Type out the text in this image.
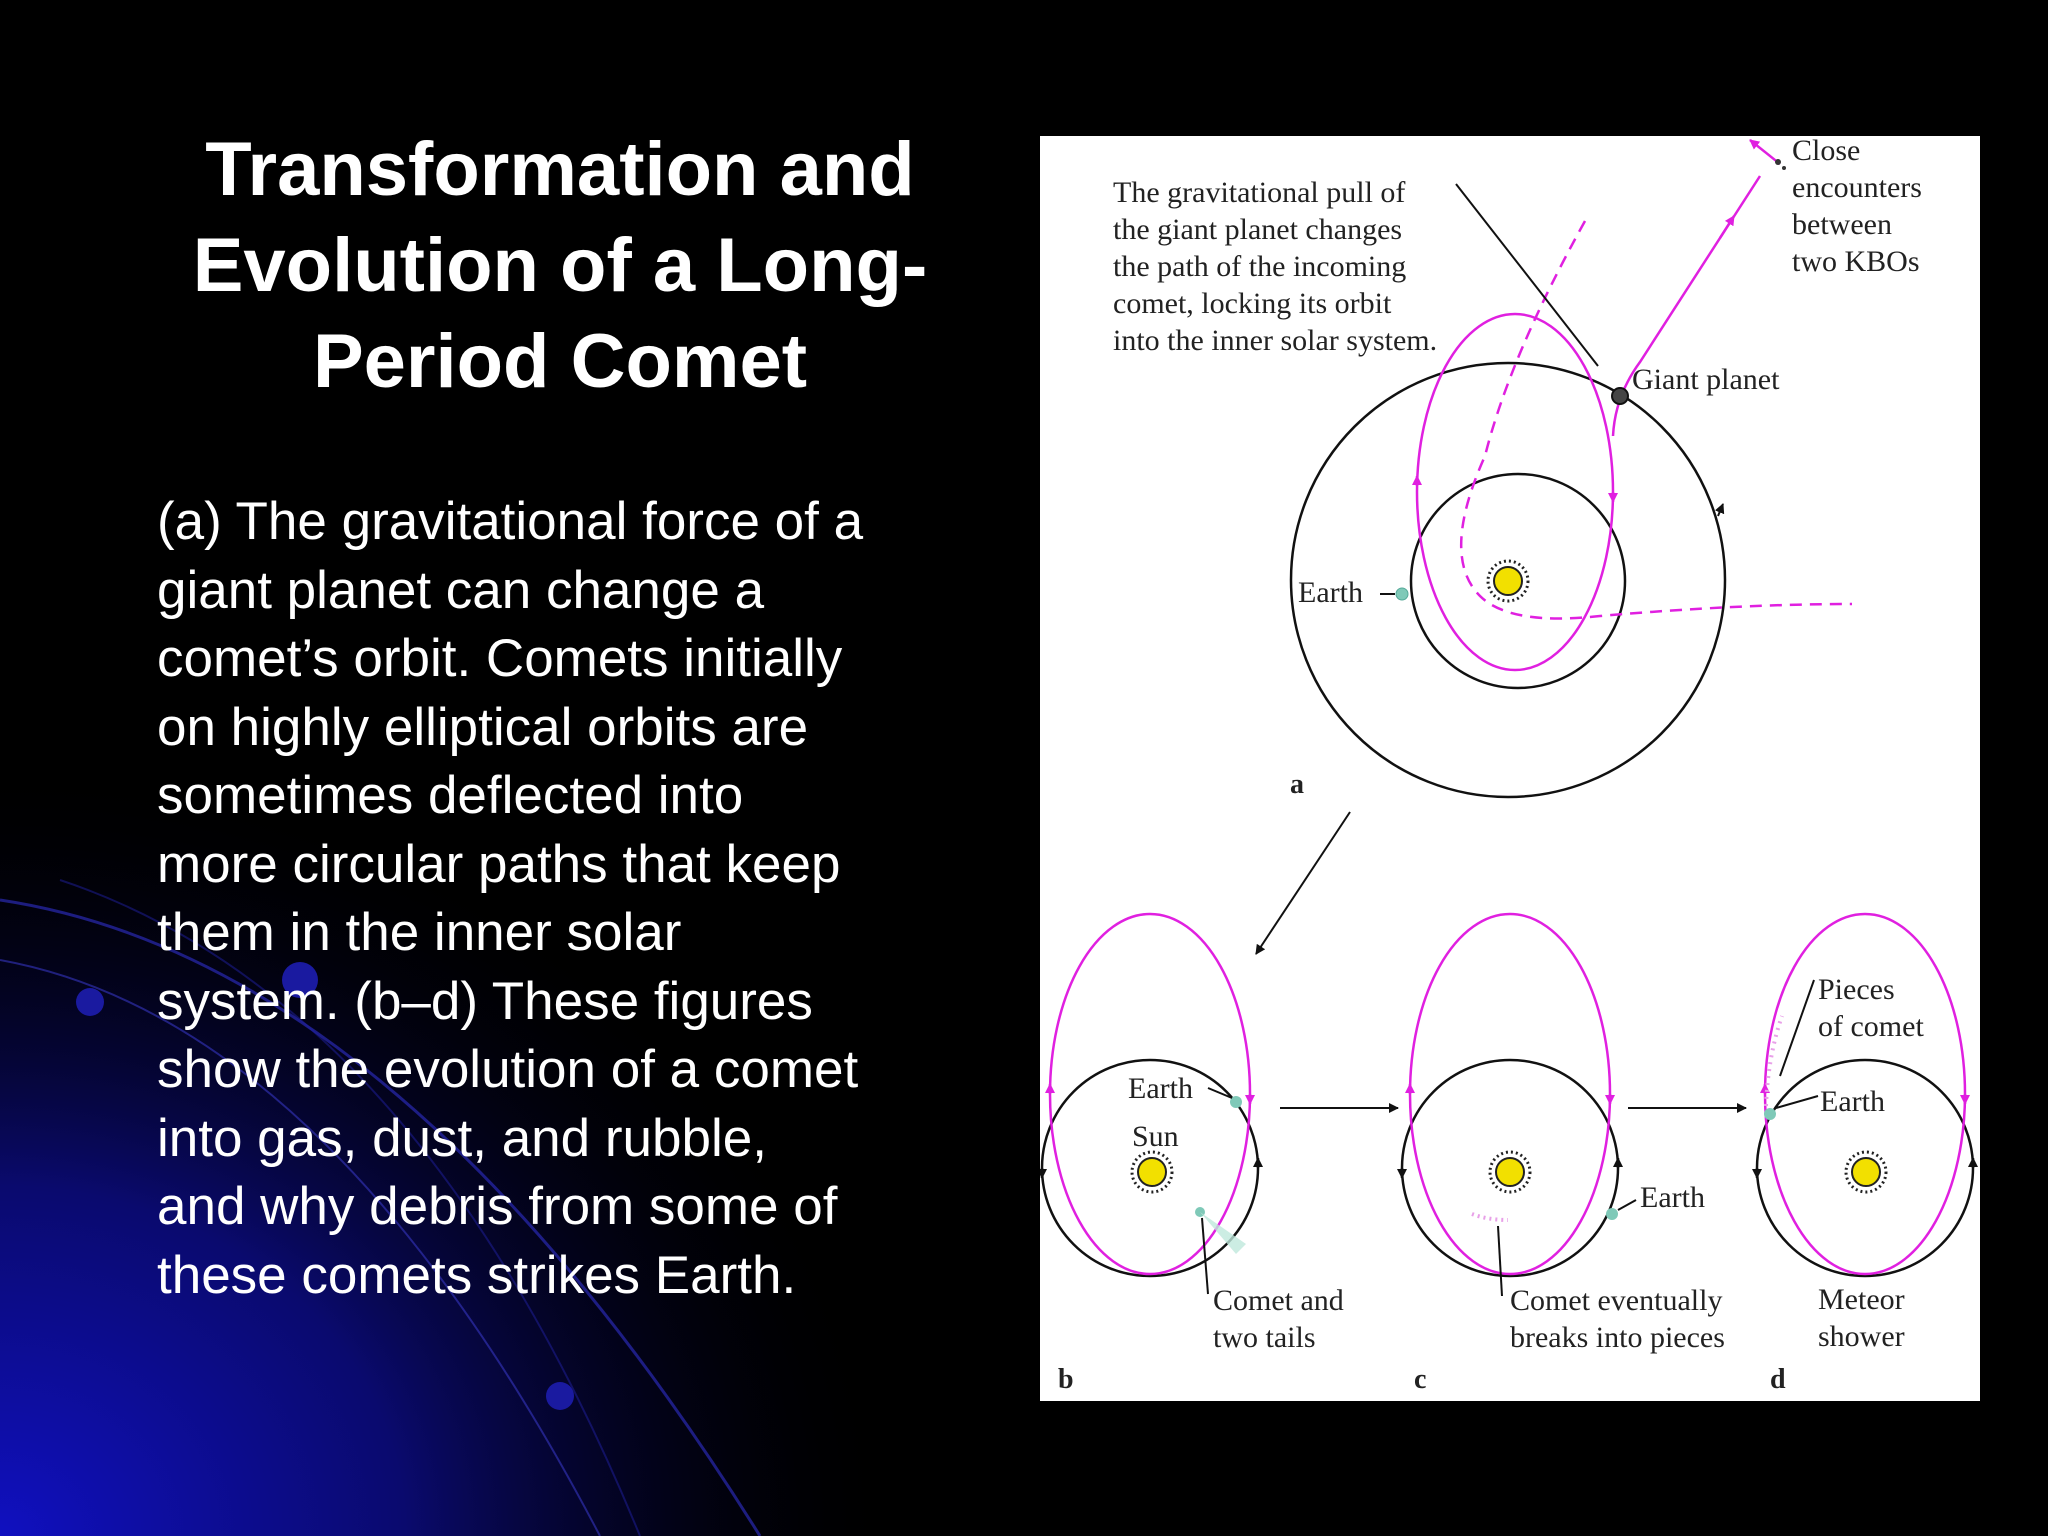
Transformation and
Evolution of a Long-
Period Comet
(a) The gravitational force of a
giant planet can change a
comet’s orbit. Comets initially
on highly elliptical orbits are
sometimes deflected into
more circular paths that keep
them in the inner solar
system. (b–d) These figures
show the evolution of a comet
into gas, dust, and rubble,
and why debris from some of
these comets strikes Earth.
The gravitational pull of the giant planet changes the path of the incoming comet, locking its orbit into the inner solar system.
Close encounters between two KBOs
Giant planet
Earth
a
Earth
Sun
Comet and two tails
b
Earth
Comet eventually breaks into pieces
c
Pieces of comet
Earth
Meteor shower
d
